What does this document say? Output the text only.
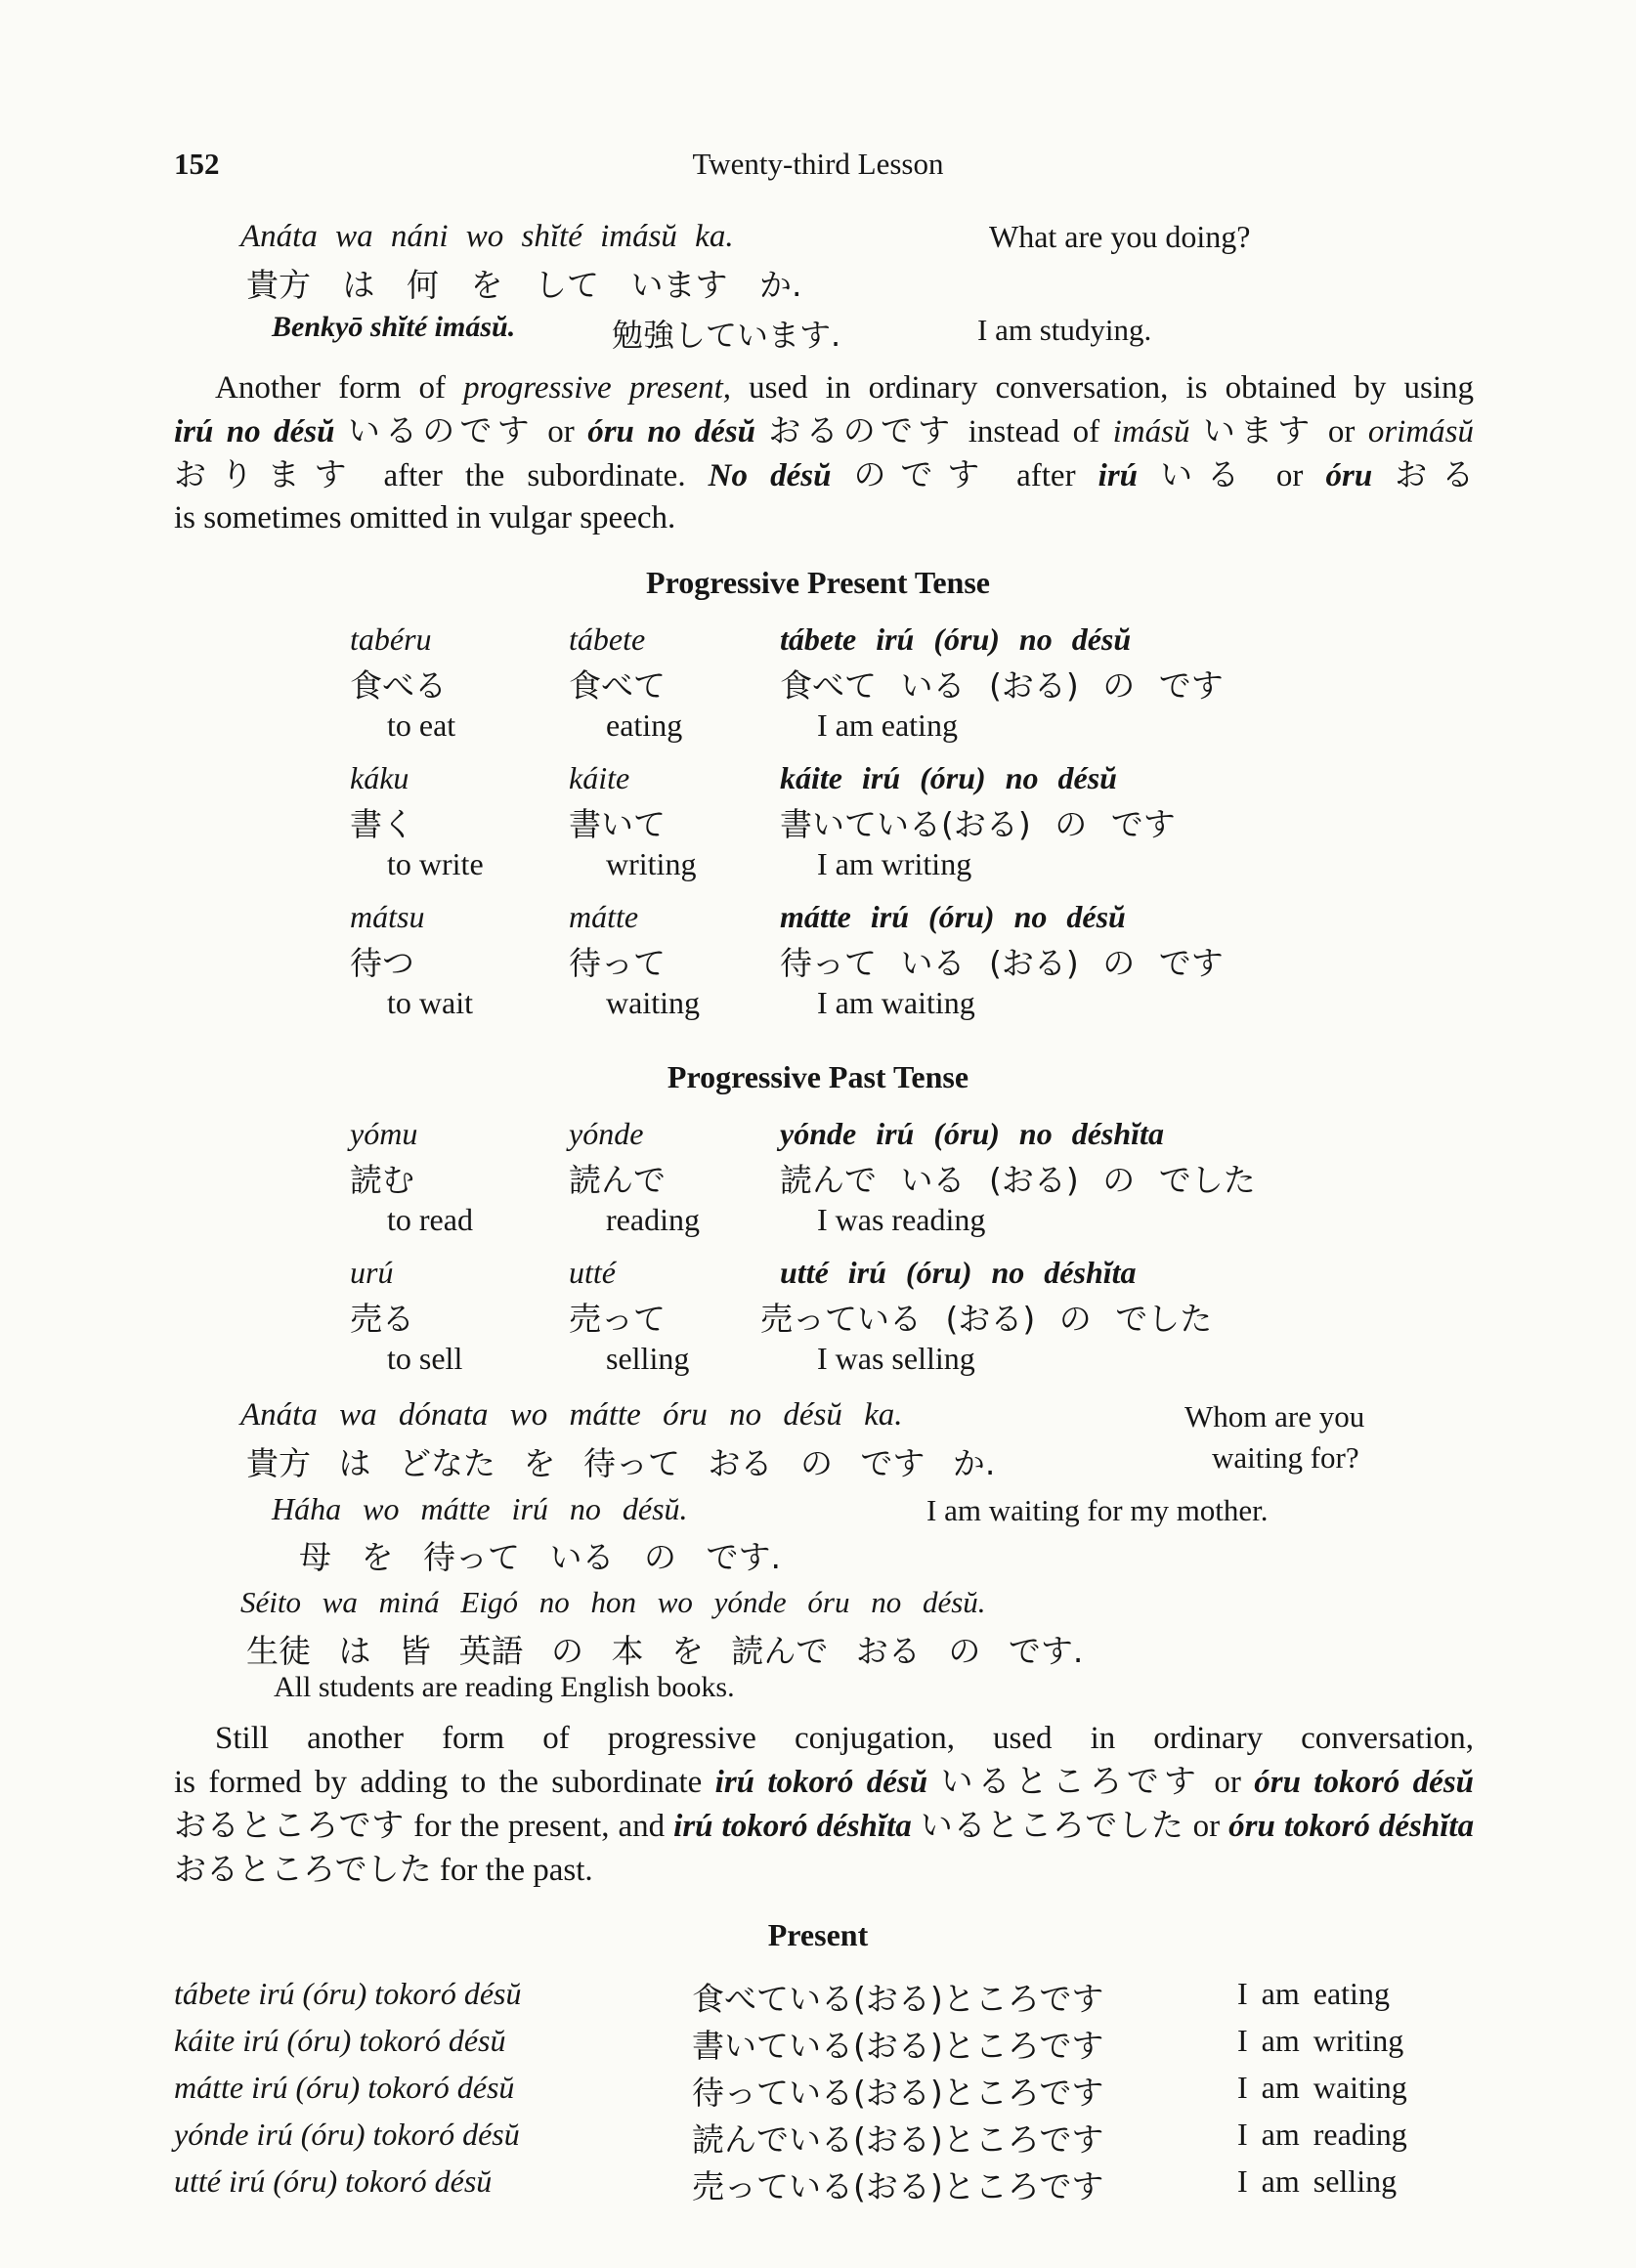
152	Twenty-third Lesson
Anáta wa náni wo shĭté imásŭ ka.	What are you doing?
貴方 は 何 を して います か.
Benkyō shĭté imásŭ.	勉強しています.	I am studying.
Another form of progressive present, used in ordinary conversation, is obtained by using irú no désŭ いるのです or óru no désŭ おるのです instead of imásŭ います or orimásŭ おります after the subordinate. No désŭ のです after irú いる or óru おる is sometimes omitted in vulgar speech.
Progressive Present Tense
tabéru	tábete	tábete irú (óru) no désŭ
食べる	食べて	食べて いる (おる) の です
to eat	eating	I am eating
káku	káite	káite irú (óru) no désŭ
書く	書いて	書いている(おる) の です
to write	writing	I am writing
mátsu	mátte	mátte irú (óru) no désŭ
待つ	待って	待って いる (おる) の です
to wait	waiting	I am waiting
Progressive Past Tense
yómu	yónde	yónde irú (óru) no déshĭta
読む	読んで	読んで いる (おる) の でした
to read	reading	I was reading
urú	utté	utté irú (óru) no déshĭta
売る	売って	売っている (おる) の でした
to sell	selling	I was selling
Anáta wa dónata wo mátte óru no désŭ ka.	Whom are you
貴方 は どなた を 待って おる の です か.	waiting for?
Háha wo mátte irú no désŭ.	I am waiting for my mother.
母 を 待って いる の です.
Séito wa miná Eigó no hon wo yónde óru no désŭ.
生徒 は 皆 英語 の 本 を 読んで おる の です.
All students are reading English books.
Still another form of progressive conjugation, used in ordinary conversation, is formed by adding to the subordinate irú tokoró désŭ いるところです or óru tokoró désŭ おるところです for the present, and irú tokoró déshĭta いるところでした or óru tokoró déshĭta おるところでした for the past.
Present
tábete irú (óru) tokoró désŭ	食べている(おる)ところです	I am eating
káite irú (óru) tokoró désŭ	書いている(おる)ところです	I am writing
mátte irú (óru) tokoró désŭ	待っている(おる)ところです	I am waiting
yónde irú (óru) tokoró désŭ	読んでいる(おる)ところです	I am reading
utté irú (óru) tokoró désŭ	売っている(おる)ところです	I am selling
